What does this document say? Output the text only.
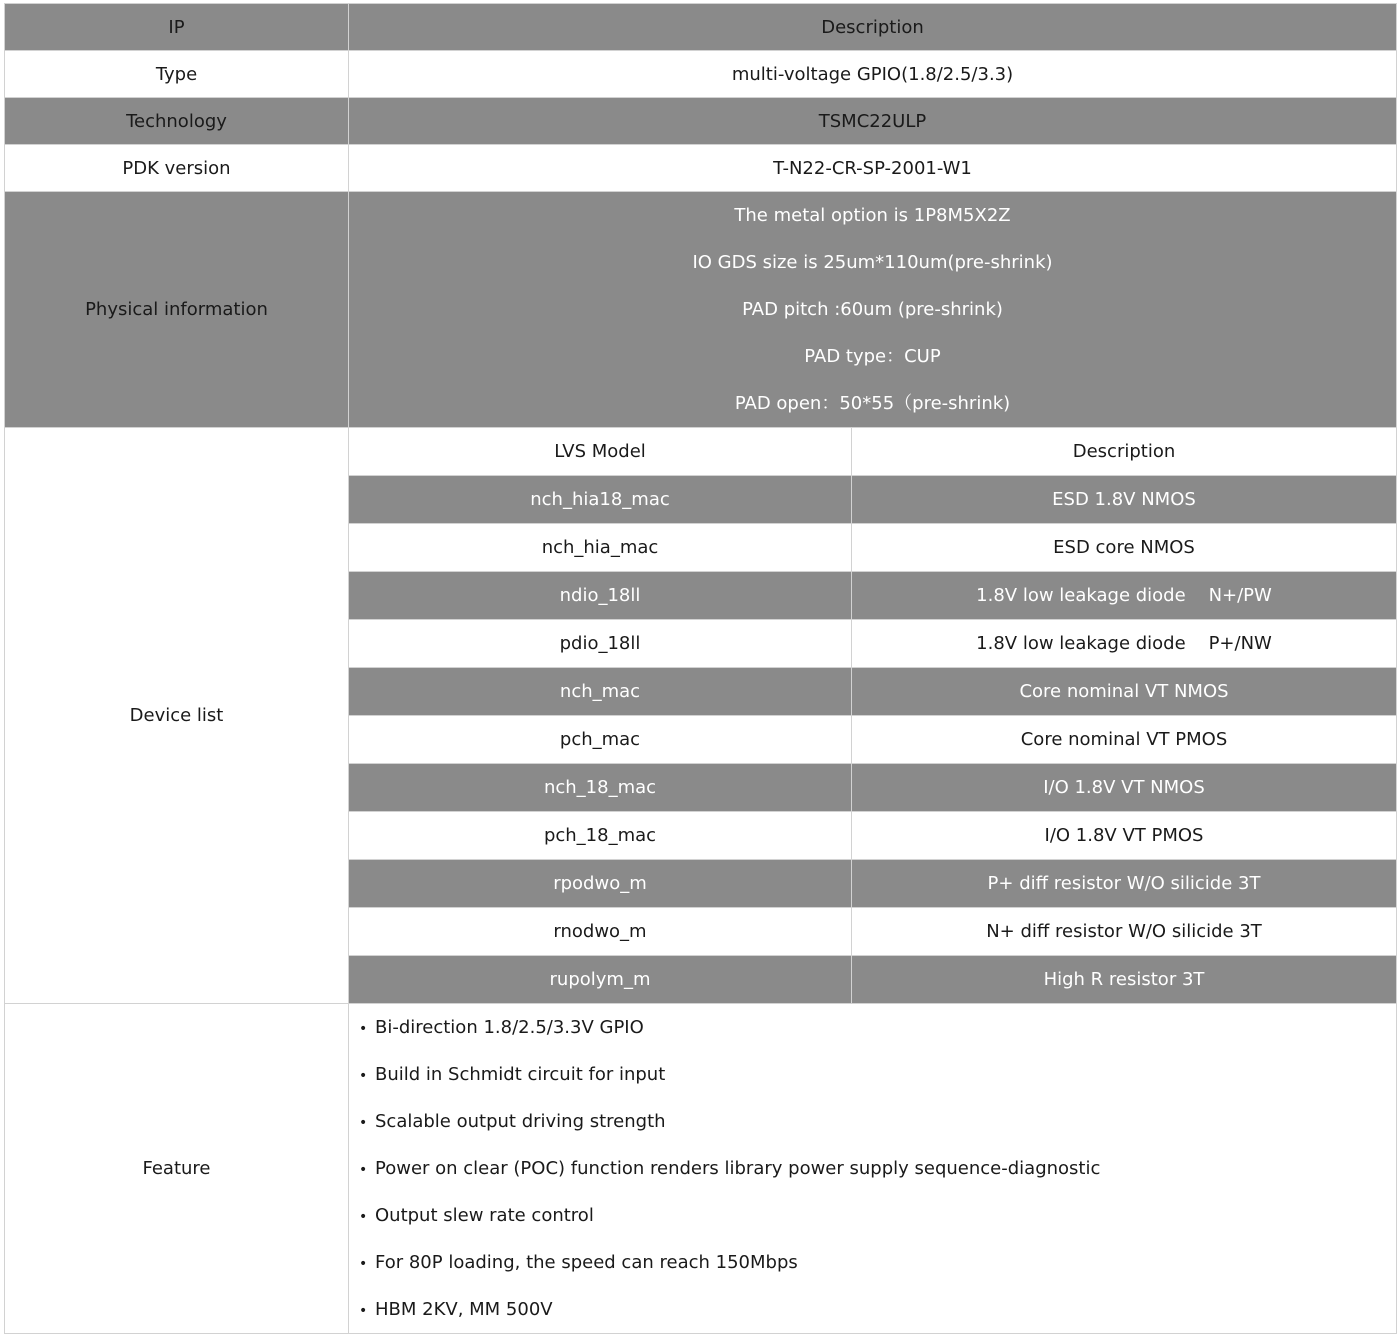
IP	Description
Type	multi-voltage GPIO(1.8/2.5/3.3)
Technology	TSMC22ULP
PDK version	T-N22-CR-SP-2001-W1
Physical information	
The metal option is 1P8M5X2Z
IO GDS size is 25um*110um(pre-shrink)
PAD pitch :60um (pre-shrink)
PAD type：CUP
PAD open：50*55（pre-shrink)

Device list	
LVS Model	Description
nch_hia18_mac	ESD 1.8V NMOS
nch_hia_mac	ESD core NMOS
ndio_18ll	1.8V low leakage diode    N+/PW
pdio_18ll	1.8V low leakage diode    P+/NW
nch_mac	Core nominal VT NMOS
pch_mac	Core nominal VT PMOS
nch_18_mac	I/O 1.8V VT NMOS
pch_18_mac	I/O 1.8V VT PMOS
rpodwo_m	P+ diff resistor W/O silicide 3T
rnodwo_m	N+ diff resistor W/O silicide 3T
rupolym_m	High R resistor 3T

Feature	
• Bi-direction 1.8/2.5/3.3V GPIO
• Build in Schmidt circuit for input
• Scalable output driving strength
• Power on clear (POC) function renders library power supply sequence-diagnostic
• Output slew rate control
• For 80P loading, the speed can reach 150Mbps
• HBM 2KV, MM 500V
